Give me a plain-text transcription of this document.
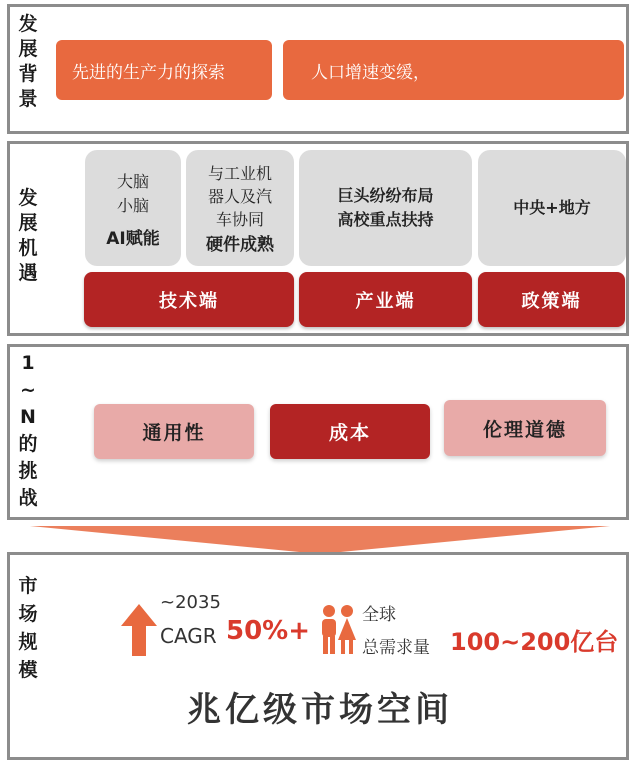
发
展
背
景
先进的生产力的探索	人口增速变缓，
发
展
机
遇
大脑
小脑
AI赋能
与工业机
器人及汽
车协同
硬件成熟
巨头纷纷布局
高校重点扶持
中央+地方
技术端	产业端	政策端
1
~
N
的
挑
战
通用性	成本	伦理道德
市
场
规
模
~2035
CAGR 50%+
全球
总需求量 100~200亿台
兆亿级市场空间
